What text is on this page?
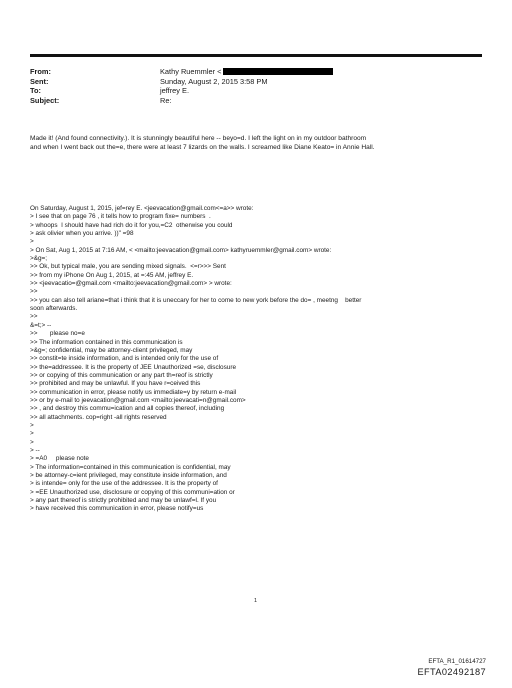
From:	Kathy Ruemmler <
Sent:	Sunday, August 2, 2015 3:58 PM
To:	jeffrey E.
Subject:	Re:

Made it! (And found connectivity.). It is stunningly beautiful here -- beyo=d. I left the light on in my outdoor bathroom

and when I went back out the=e, there were at least 7 lizards on the walls. I screamed like Diane Keato= in Annie Hall.

On Saturday, August 1, 2015, jef=rey E. <jeevacation@gmail.com<=a>> wrote:
> I see that on page 76 , it tells how to program fixe= numbers  .
> whoops  I should have had rich do it for you,=C2  otherwise you could
> ask olivier when you arrive. ))" =98
>
> On Sat, Aug 1, 2015 at 7:16 AM, < <mailto:jeevacation@gmail.com> kathyruemmler@gmail.com> wrote:
>&g=;
>> Ok, but typical male, you are sending mixed signals.  <=r>>> Sent
>> from my iPhone On Aug 1, 2015, at =:45 AM, jeffrey E.
>> <jeevacatio=@gmail.com <mailto:jeevacation@gmail.com> > wrote:
>>
>> you can also tell ariane=that i think that it is uneccary for her to come to new york before the do= , meetng    better
soon afterwards.
>>
&=t;> --
>>       please no=e
>> The information contained in this communication is
>&g=; confidential, may be attorney-client privileged, may
>> constit=te inside information, and is intended only for the use of
>> the=addressee. It is the property of JEE Unauthorized =se, disclosure
>> or copying of this communication or any part th=reof is strictly
>> prohibited and may be unlawful. If you have r=ceived this
>> communication in error, please notify us immediate=y by return e-mail
>> or by e-mail to jeevacation@gmail.com <mailto:jeevacati=n@gmail.com>
>> , and destroy this commu=ication and all copies thereof, including
>> all attachments. cop=right -all rights reserved
>
>
>
> --
> =A0     please note
> The information=contained in this communication is confidential, may
> be attorney-c=ient privileged, may constitute inside information, and
> is intende= only for the use of the addressee. It is the property of
> =EE Unauthorized use, disclosure or copying of this communi=ation or
> any part thereof is strictly prohibited and may be unlawf=l. If you
> have received this communication in error, please notify=us
1
EFTA_R1_01614727
EFTA02492187
